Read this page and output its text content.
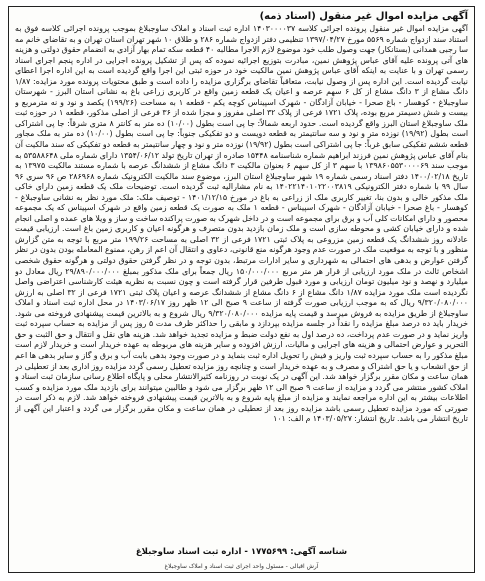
آگهی مزایده اموال غیر منقول (اسناد ذمه)
آگهی مزایده اموال غیر منقول پرونده اجرائی کلاسه ۱۴۰۳۰۰۰۰۳۷ اداره ثبت اسناد و املاک ساوجبلاغ بموجب پرونده اجرائی کلاسه فوق به استناد سند ازدواج شماره ۵۵۶۹ مورخ ۱۳۹۷/۰۴/۲۷ تنظیمی دفتر ازدواج شماره ۲۸۶ و طلاق ۱۰ شهر تهران استان تهران و به تقاضای خانم مه سا رجبی همدانی (بستانکار) جهت وصول طلب خود موضوع لازم الاجرا مطالبه ۴۰ قطعه سکه تمام بهار آزادی به انضمام حقوق دولتی و هزینه های آتی پرونده علیه آقای عباس پژوهش نمین، مبادرت بتوزیع اجرائیه نموده که پس از تشکیل پرونده اجرایی در اداره پنجم اجرای اسناد رسمی تهران و با عنایت به اینکه آقای عباس پژوهش نمین مالکیت خود در حوزه ثبتی این اجرا واقع گردیده است به این اداره اجرا اعطای نیابت گردیده است. این اداره پس از وصول نیابت، متعاقباً تقاضای برگزاری مزایده را داده است و طبق محتویات پرونده مورد مزایده: ۱/۸۷ دانگ مشاع از ۳ دانگ مشاع از کل ۶ سهم عرصه و اعیان یک قطعه زمین واقع در کاربری زراعی باغ به نشانی استان البرز - شهرستان ساوجبلاغ - کوهسار - باغ صحرا - خیابان آزادگان - شهرک اسپیناس کوچه یکم - قطعه ۱ به مساحت (۱۹۹/۲۶) یکصد و نود و نه مترمربع و بیست و شش دسیمتر مربع بوده، پلاک ۱۷۲۱ فرعی از پلاک ۳۲ اصلی مفروز و مجزا شده از ۳۶ فرعی از اصلی مذکور، قطعه ۱ در حوزه ثبت ملک ساوجبلاغ استان البرز واقع گردیده است. حدود اربعه شمالاً: جا پی است بطول (۱۰/۰۰) ده متر به کانتر ۸ متری شرقاً: جا پی اشتراکی است بطول (۱۹/۹۲) نوزده متر و نود و سه سانتیمتر به قطعه دویست و دو تفکیکی جنوباً: جا پی است بطول (۱۰/۰۰) ده متر به ملک مجاور قطعه ششم تفکیکی سابق غرباً: جا پی اشتراکی است بطول (۱۹/۹۲) نوزده متر و نود و چهار سانتیمتر به قطعه دو تفکیکی که سند مالکیت آن بنام آقای عباس پژوهش نمین فرزند ابراهیم شماره شناسنامه ۱۵۴۴۸ صادره از تهران تاریخ تولد ۱۳۵۴/۰۶/۱۲ دارای شماره ملی ۵۳۵۸۸۶۴۸ به موجب سند ۱۳۹۸۶۰۵۵۳۰۰۰۰۶۹ با سهم ۳ از کل سهم ۶ بعنوان مالکیت ۳ دانگ مشاع از ششدانگ عرصه با شماره مستند مالکیت ۱۳۹۷۵ به تاریخ ۱۴۰۰/۰۲/۱۸ دفتر اسناد رسمی شماره ۱۹ شهر ساوجبلاغ استان البرز، موضوع سند مالکیت الکترونیک شماره ۲۸۶۹۶۸ ص ۹۶ سری ۹۶ سال ۹۹ با شماره دفتر الکترونیکی ۱۴۰۲۲۱۴۰۱۰۲۲۰۰۳۸۱۹ به نام مشارالیه ثبت گردیده است. توضیحات ملک یک قطعه زمین دارای خاکی ملک مذکور خالی و بدون بنا، تغییر کاربری ملک از زراعی به باغ در مورخ ۱۴۰۱/۱۲/۱۵ - توصیف ملک: ملک مورد نظر به نشانی ساوجبلاغ - کوهسار - باغ صحرا - خیابان آزادگان - شهرک اسپیناس - قطعه ۱ ملک به صورت یک قطعه زمین واقع در شهرک اسپیناس که یک مجموعه محصور و دارای امکانات کلی آب و برق برای مجموعه است و در داخل شهرک به صورت پراکنده ساخت و ساز و ویلا های عمده و اصلی انجام شده و دارای خیابان کشی و محوطه سازی است و ملک زمان بازدید بدون متصرف و هرگونه اعیان و کاربری زمین باغ است. ارزیابی قیمت عادلانه روز ششدانگ یک قطعه زمین مزروعی به پلاک ثبتی ۱۷۲۱ فرعی از ۳۲ اصلی به مساحت ۱۹۹/۲۶ متر مربع با توجه به متن گزارش منظور و با توجه به موقعیت ملک در صورت عدم وجود هرگونه منع قانونی، دعاوی و انتقال آن اعم از رهن، ممنوع المعامله بودن بدون در نظر گرفتن عوارض و بدهی های احتمالی به شهرداری و سایر ادارات مرتبط، بدون توجه و در نظر گرفتن حقوق دولتی و هرگونه حقوق شخصی اشخاص ثالث در ملک مورد ارزیابی از قرار هر متر مربع ۱۵۰/۰۰۰/۰۰۰ ریال جمعاً برای ملک مذکور بمبلغ ۲۹/۸۹۰/۰۰۰/۰۰۰ ریال معادل دو میلیارد و نهصد و نود میلیون تومان ارزیابی و مورد قبول طرفین قرار گرفته است و چون نسبت به نظریه هیئت کارشناسی اعتراضی واصل نگردیده است ملک مورد مزایده ۱/۸۷ دانگ مشاع از ۶ دانگ مشاع از ششدانگ عرصه و اعیان پلاک ثبتی ۱۷۲۱ فرعی از ۳۲ اصلی به ارزش ۹/۳۲۰/۰۸۰/۰۰۰ ریال که به موجب ارزیابی صورت گرفته از ساعت ۹ صبح الی ۱۲ ظهر روز ۱۴۰۳/۰۶/۱۷ در محل اداره ثبت اسناد و املاک ساوجبلاغ از طریق مزایده به فروش میرسد و قیمت پایه مزایده ۹/۳۲۰/۰۸۰/۰۰۰ ریال شروع و به بالاترین قیمت پیشنهادی فروخته می شود. خریدار باید ده درصد مبلغ مزایده را نقداً در جلسه مزایده بپردازد و مابقی را حداکثر ظرف مدت ۵ روز پس از مزایده به حساب سپرده ثبت واریز نماید و در صورت عدم پرداخت، ده درصد اول به نفع دولت ضبط و مزایده تجدید خواهد شد. هزینه های نقل و انتقال و حق الثبت و حق التحریر و عوارض احتمالی و هزینه های اجرایی و مالیات، ارزش افزوده و سایر هزینه های مربوطه به عهده خریدار است و خریدار لازم است مبلغ مذکور را به حساب سپرده ثبت واریز و فیش را تحویل اداره ثبت بنماید و در صورت وجود بدهی بابت آب و برق و گاز و سایر بدهی ها اعم از حق انشعاب و یا حق اشتراک و مصرف و به عهده خریدار است و چنانچه روز مزایده تعطیل رسمی گردد مزایده روز اداری بعد از تعطیلی در همان ساعت و مکان مقرر برگزار خواهد شد. این آگهی در یک نوبت در روزنامه کثیرالانتشار محلی و پایگاه اطلاع رسانی سازمان ثبت اسناد و املاک کشور منتشر می گردد و مزایده از ساعت ۹ صبح الی ۱۲ ظهر برگزار می شود و طالبین میتوانند برای بازدید ملک مورد مزایده و کسب اطلاعات بیشتر به این اداره مراجعه نمایند و مزایده از مبلغ پایه شروع و به بالاترین قیمت پیشنهادی فروخته خواهد شد. لازم به ذکر است در صورتی که مورد مزایده تعطیل رسمی باشد مزایده روز بعد از تعطیلی در همان ساعت و مکان مقرر برگزار می گردد و اعتبار این آگهی از تاریخ انتشار می باشد. تاریخ انتشار: ۱۴۰۳/۰۵/۲۷ م الف: ۱۰۱
شناسه آگهی: ۱۷۷۵۶۹۹ - اداره ثبت اسناد ساوجبلاغ
آرش اقبالی - مسئول واحد اجرای ثبت اسناد و املاک ساوجبلاغ
